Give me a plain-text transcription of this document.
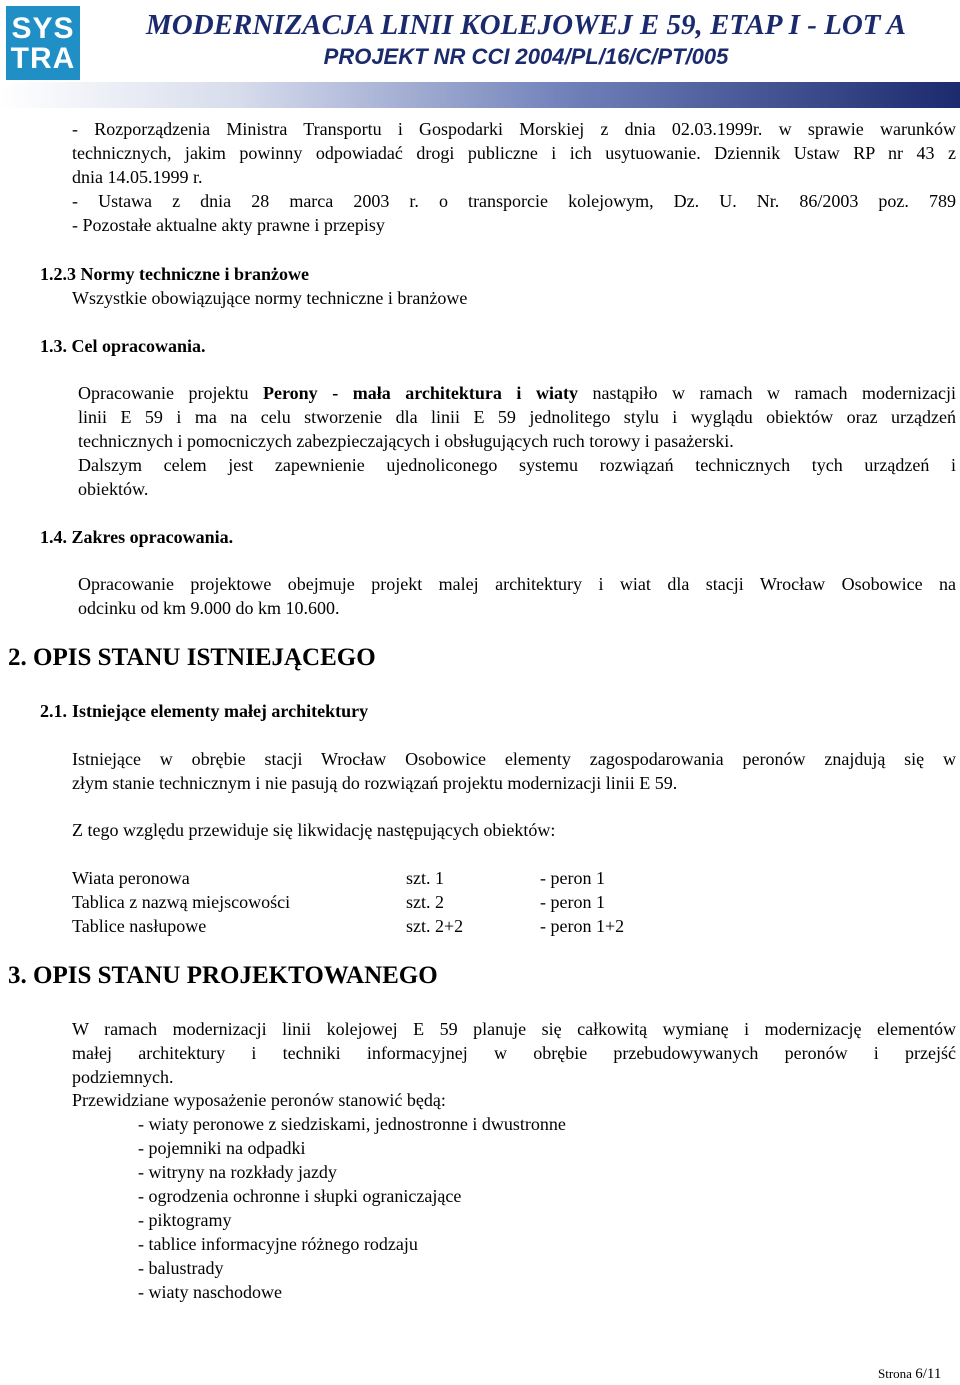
SYS
TRA
MODERNIZACJA LINII KOLEJOWEJ E 59, ETAP I - LOT A
PROJEKT NR CCI 2004/PL/16/C/PT/005
- Rozporządzenia Ministra Transportu i Gospodarki Morskiej z dnia 02.03.1999r. w sprawie warunków
technicznych, jakim powinny odpowiadać drogi publiczne i ich usytuowanie. Dziennik Ustaw RP nr 43 z
dnia 14.05.1999 r.
- Ustawa z dnia 28 marca 2003 r. o transporcie kolejowym, Dz. U. Nr. 86/2003 poz. 789
- Pozostałe aktualne akty prawne i przepisy
1.2.3 Normy techniczne i branżowe
Wszystkie obowiązujące normy techniczne i branżowe
1.3. Cel opracowania.
Opracowanie projektu Perony - mała architektura i wiaty nastąpiło w ramach w ramach modernizacji
linii E 59 i ma na celu stworzenie dla linii E 59 jednolitego stylu i wyglądu obiektów oraz urządzeń
technicznych i pomocniczych zabezpieczających i obsługujących ruch torowy i pasażerski.
Dalszym celem jest zapewnienie ujednoliconego systemu rozwiązań technicznych tych urządzeń i
obiektów.
1.4. Zakres opracowania.
Opracowanie projektowe obejmuje projekt malej architektury i wiat dla stacji Wrocław Osobowice na
odcinku od km 9.000 do km 10.600.
2. OPIS STANU ISTNIEJĄCEGO
2.1. Istniejące elementy małej architektury
Istniejące w obrębie stacji Wrocław Osobowice elementy zagospodarowania peronów znajdują się w
złym stanie technicznym i nie pasują do rozwiązań projektu modernizacji linii E 59.
Z tego względu przewiduje się likwidację następujących obiektów:
Wiata peronowa	szt. 1	- peron 1
Tablica z nazwą miejscowości	szt. 2	- peron 1
Tablice nasłupowe	szt. 2+2	- peron 1+2
3. OPIS STANU PROJEKTOWANEGO
W ramach modernizacji linii kolejowej E 59 planuje się całkowitą wymianę i modernizację elementów
małej architektury i techniki informacyjnej w obrębie przebudowywanych peronów i przejść
podziemnych.
Przewidziane wyposażenie peronów stanowić będą:
- wiaty peronowe z siedziskami, jednostronne i dwustronne
- pojemniki na odpadki
- witryny na rozkłady jazdy
- ogrodzenia ochronne i słupki ograniczające
- piktogramy
- tablice informacyjne różnego rodzaju
- balustrady
- wiaty naschodowe
Strona 6/11
